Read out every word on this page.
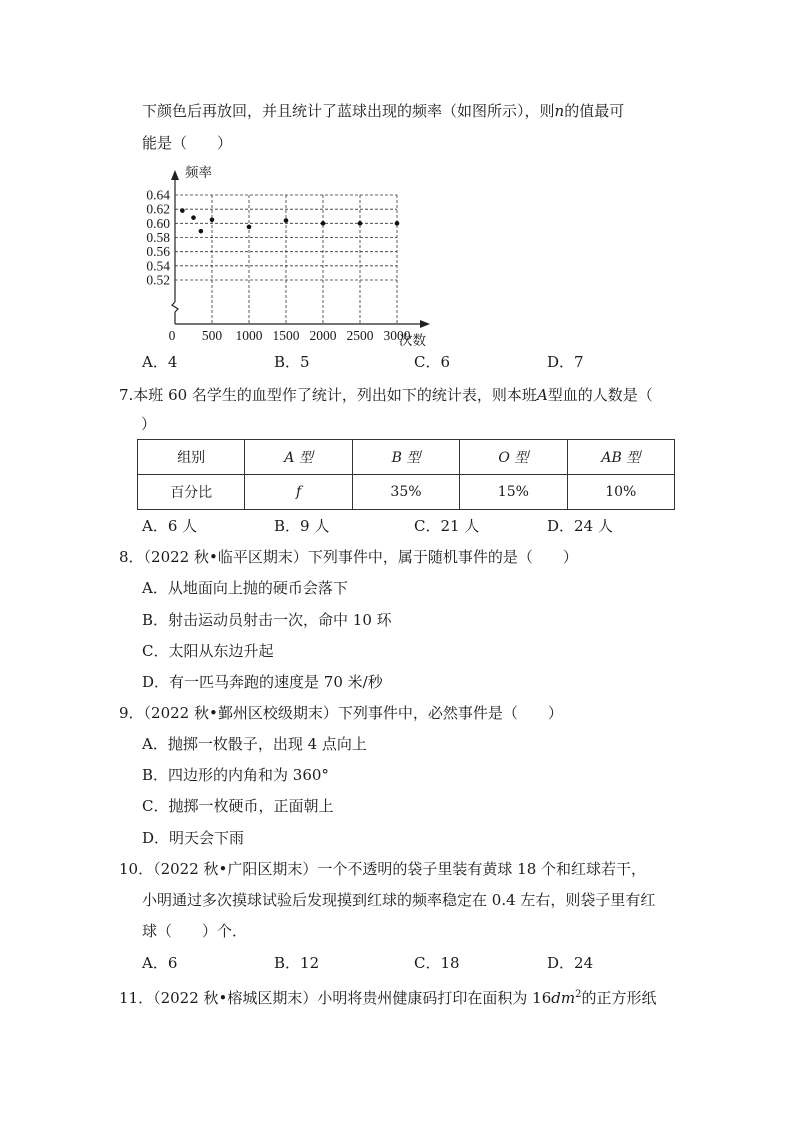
下颜色后再放回，并且统计了蓝球出现的频率（如图所示），则n的值最可
能是（　　）
0.52
0.54
0.56
0.58
0.60
0.62
0.64
500 1000 1500 2000 2500 3000
0
频率
次数
A．4	B．5	C．6	D．7
7.本班 60 名学生的血型作了统计，列出如下的统计表，则本班A型血的人数是（
）
组别	A 型	B 型	O 型	AB 型
百分比	f	35%	15%	10%
A．6 人	B．9 人	C．21 人	D．24 人
8．（2022 秋•临平区期末）下列事件中，属于随机事件的是（　　）
A．从地面向上抛的硬币会落下
B．射击运动员射击一次，命中 10 环
C．太阳从东边升起
D．有一匹马奔跑的速度是 70 米/秒
9．（2022 秋•鄞州区校级期末）下列事件中，必然事件是（　　）
A．抛掷一枚骰子，出现 4 点向上
B．四边形的内角和为 360°
C．抛掷一枚硬币，正面朝上
D．明天会下雨
10．（2022 秋•广阳区期末）一个不透明的袋子里装有黄球 18 个和红球若干，
小明通过多次摸球试验后发现摸到红球的频率稳定在 0.4 左右，则袋子里有红
球（　　）个．
A．6	B．12	C．18	D．24
11．（2022 秋•榕城区期末）小明将贵州健康码打印在面积为 $16dm^2$的正方形纸
